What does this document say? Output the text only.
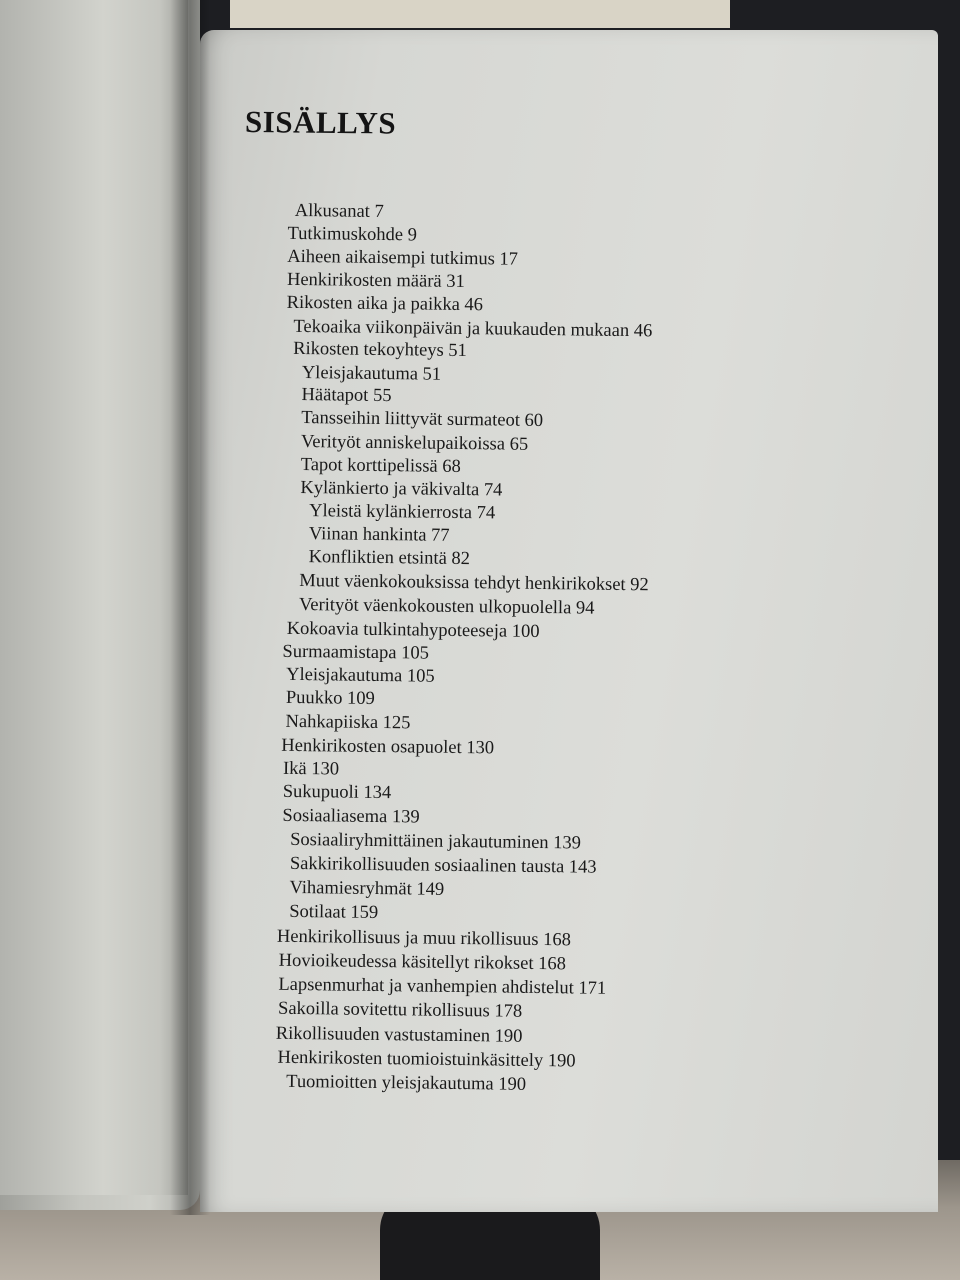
SISÄLLYS
Alkusanat 7
Tutkimuskohde 9
Aiheen aikaisempi tutkimus 17
Henkirikosten määrä 31
Rikosten aika ja paikka 46
Tekoaika viikonpäivän ja kuukauden mukaan 46
Rikosten tekoyhteys 51
Yleisjakautuma 51
Häätapot 55
Tansseihin liittyvät surmateot 60
Verityöt anniskelupaikoissa 65
Tapot korttipelissä 68
Kylänkierto ja väkivalta 74
Yleistä kylänkierrosta 74
Viinan hankinta 77
Konfliktien etsintä 82
Muut väenkokouksissa tehdyt henkirikokset 92
Verityöt väenkokousten ulkopuolella 94
Kokoavia tulkintahypoteeseja 100
Surmaamistapa 105
Yleisjakautuma 105
Puukko 109
Nahkapiiska 125
Henkirikosten osapuolet 130
Ikä 130
Sukupuoli 134
Sosiaaliasema 139
Sosiaaliryhmittäinen jakautuminen 139
Sakkirikollisuuden sosiaalinen tausta 143
Vihamiesryhmät 149
Sotilaat 159
Henkirikollisuus ja muu rikollisuus 168
Hovioikeudessa käsitellyt rikokset 168
Lapsenmurhat ja vanhempien ahdistelut 171
Sakoilla sovitettu rikollisuus 178
Rikollisuuden vastustaminen 190
Henkirikosten tuomioistuinkäsittely 190
Tuomioitten yleisjakautuma 190
